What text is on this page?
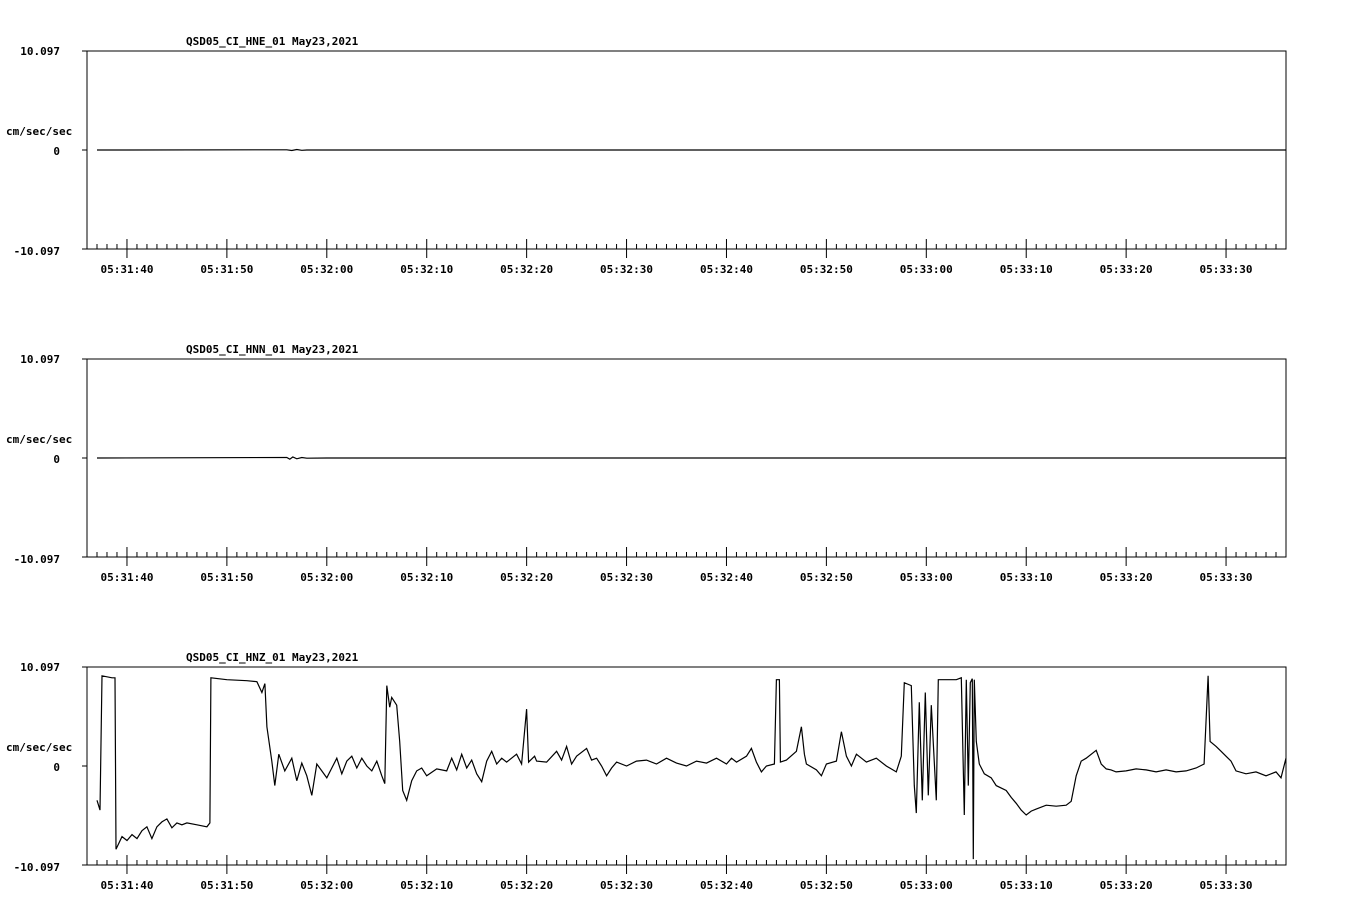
QSD05_CI_HNE_01 May23,2021
cm/sec/sec
10.097
0
-10.097
05:31:40	05:31:50	05:32:00	05:32:10	05:32:20	05:32:30	05:32:40	05:32:50	05:33:00	05:33:10	05:33:20	05:33:30
QSD05_CI_HNN_01 May23,2021
cm/sec/sec
10.097
0
-10.097
05:31:40	05:31:50	05:32:00	05:32:10	05:32:20	05:32:30	05:32:40	05:32:50	05:33:00	05:33:10	05:33:20	05:33:30
QSD05_CI_HNZ_01 May23,2021
cm/sec/sec
10.097
0
-10.097
05:31:40	05:31:50	05:32:00	05:32:10	05:32:20	05:32:30	05:32:40	05:32:50	05:33:00	05:33:10	05:33:20	05:33:30
